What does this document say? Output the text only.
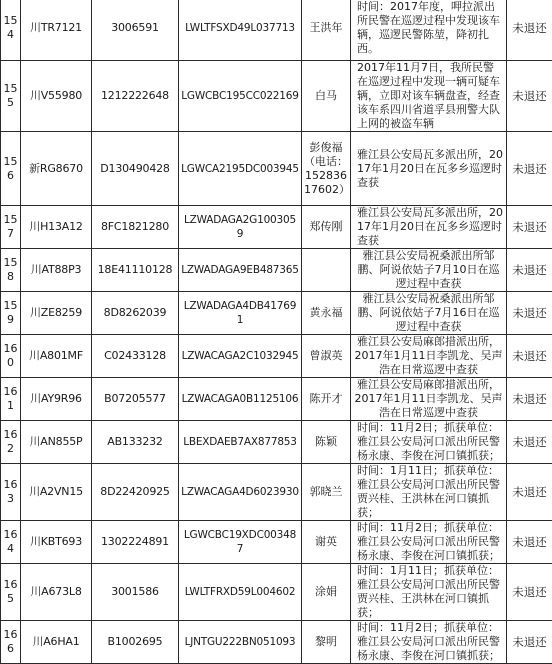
154	川TR7121	3006591	LWLTFSXD49L037713	王洪年	时间：2017年度，呷拉派出所民警在巡逻过程中发现该车辆，巡逻民警陈堃，降初扎西。	未退还
155	川V55980	1212222648	LGWCBC195CC022169	白马	2017年11月7日，我所民警在巡逻过程中发现一辆可疑车辆，立即对该车辆盘查，经查该车系四川省道孚县刑警大队上网的被盗车辆	未退还
156	新RG8670	D130490428	LGWCA2195DC003945	彭俊福（电话：15283617602）	雅江县公安局瓦多派出所，2017年1月20日在瓦多乡巡逻时查获	未退还
157	川H13A12	8FC1821280	LZWADAGA2G1003059	郑传刚	雅江县公安局瓦多派出所，2017年1月20日在瓦多乡巡逻时查获	未退还
158	川AT88P3	18E41110128	LZWADAGA9EB487365		雅江县公安局祝桑派出所邹鹏、阿说依姑子7月10日在巡逻过程中查获	未退还
159	川ZE8259	8D8262039	LZWADAGA4DB417691	黄永福	雅江县公安局祝桑派出所邹鹏、阿说依姑子7月16日在巡逻过程中查获	未退还
160	川A801MF	C02433128	LZWACAGA2C1032945	曾淑英	雅江县公安局麻郎措派出所，2017年1月11日李凯龙、吴声浩在日常巡逻中查获	未退还
161	川AY9R96	B07205577	LZWACAGA0B1125106	陈开才	雅江县公安局麻郎措派出所，2017年1月11日李凯龙、吴声浩在日常巡逻中查获	未退还
162	川AN855P	AB133232	LBEXDAEB7AX877853	陈颖	时间：11月2日；抓获单位：雅江县公安局河口派出所民警杨永康、李俊在河口镇抓获；	未退还
163	川A2VN15	8D22420925	LZWACAGA4D6023930	郭晓兰	时间：1月11日；抓获单位：雅江县公安局河口派出所民警贾兴桂、王洪林在河口镇抓获；	未退还
164	川KBT693	1302224891	LGWCBC19XDC003487	谢英	时间：11月2日；抓获单位：雅江县公安局河口派出所民警杨永康、李俊在河口镇抓获；	未退还
165	川A673L8	3001586	LWLTFRXD59L004602	涂娟	时间：1月11日；抓获单位：雅江县公安局河口派出所民警贾兴桂、王洪林在河口镇抓获；	未退还
166	川A6HA1	B1002695	LJNTGU222BN051093	黎明	时间：11月2日；抓获单位：雅江县公安局河口派出所民警杨永康、李俊在河口镇抓获；	未退还
